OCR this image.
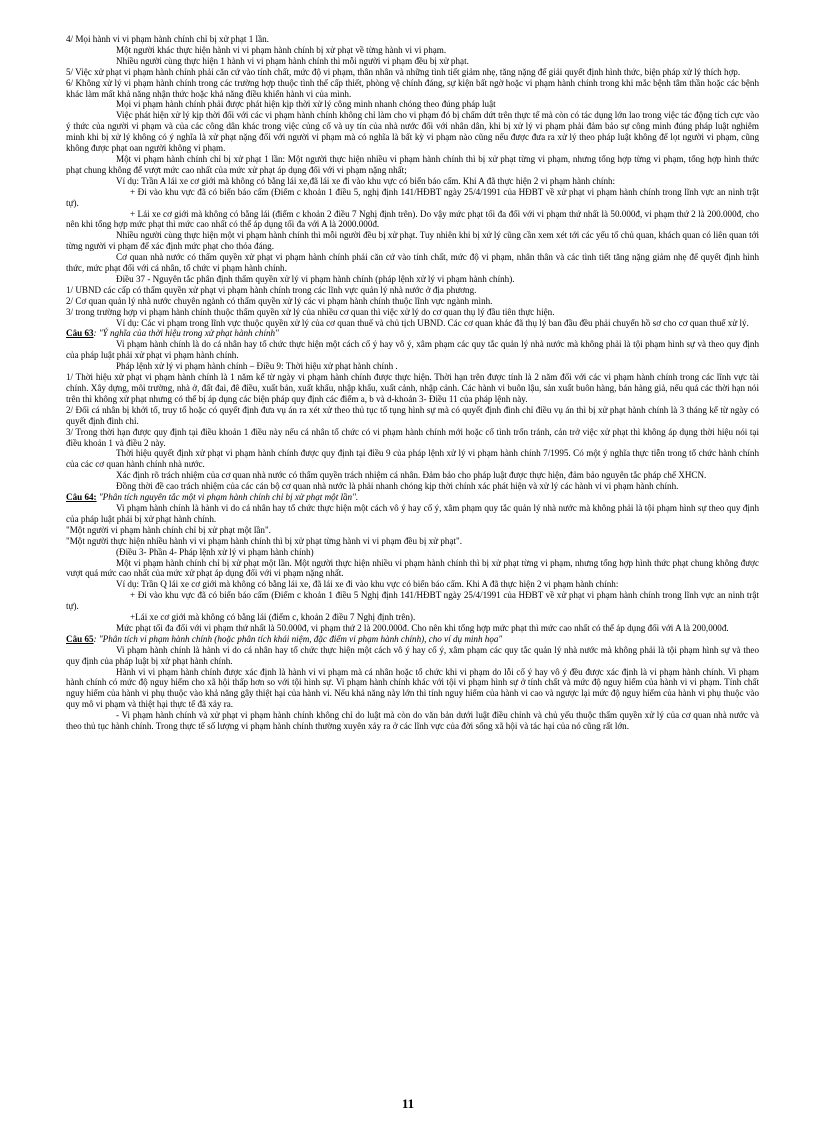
4/ Mọi hành vi vi phạm hành chính chỉ bị xử phạt 1 lần.

Một người khác thực hiện hành vi vi phạm hành chính bị xử phạt về từng hành vi vi phạm.

Nhiều người cùng thực hiện 1 hành vi vi phạm hành chính thì mỗi người vi phạm đều bị xử phạt.

5/ Việc xử phạt vi phạm hành chính phải căn cứ vào tính chất, mức độ vi phạm, thân nhân và những tình tiết giảm nhẹ, tăng nặng để giải quyết định hình thức, biện pháp xử lý thích hợp.

6/ Không xử lý vi phạm hành chính trong các trường hợp thuộc tình thế cấp thiết, phòng vệ chính đáng, sự kiện bất ngờ hoặc vi phạm hành chính trong khi mắc bệnh tâm thần hoặc các bệnh khác làm mất khả năng nhận thức hoặc khả năng điều khiển hành vi của mình.

Mọi vi phạm hành chính phải được phát hiện kịp thời xử lý công minh nhanh chóng theo đúng pháp luật

Việc phát hiện xử lý kịp thời đối với các vi phạm hành chính không chỉ làm cho vi phạm đó bị chấm dứt trên thực tế mà còn có tác dụng lớn lao trong việc tác động tích cực vào ý thức của người vi phạm và của các công dân khác trong việc củng cố và uy tín của nhà nước đối với nhân dân, khi bị xử lý vi phạm phải đảm bảo sự công minh đúng pháp luật nghiêm minh khi bị xử lý không có ý nghĩa là xử phạt nặng đối với người vi phạm mà có nghĩa là bất kỳ vi phạm nào cũng nếu được đưa ra xử lý theo pháp luật không để lọt người vi phạm, cũng không được phạt oan người không vi phạm.

Một vi phạm hành chính chỉ bị xử phạt 1 lần: Một người thực hiện nhiều vi phạm hành chính thì bị xử phạt từng vi phạm, nhưng tổng hợp từng vi phạm, tổng hợp hình thức phạt chung không để vượt mức cao nhất của mức xử phạt áp dụng đối với vi phạm nặng nhất;

Ví dụ: Trần A lái xe cơ giới mà không có bằng lái xe,đã lái xe đi vào khu vực có biển báo cấm. Khi A đã thực hiện 2 vi phạm hành chính:

+ Đi vào khu vực đã có biển báo cấm (Điểm c khoản 1 điều 5, nghị định 141/HĐBT ngày 25/4/1991 của HĐBT về xử phạt vi phạm hành chính trong lĩnh vực an ninh trật tự).

+ Lái xe cơ giới mà không có bằng lái (điểm c khoản 2 điều 7 Nghị định trên). Do vậy mức phạt tối đa đối với vi phạm thứ nhất là 50.000đ, vi phạm thứ 2 là 200.000đ, cho nên khi tổng hợp mức phạt thì mức cao nhất có thể áp dụng tối đa với A là 2000.000đ.

Nhiều người cùng thực hiện một vi phạm hành chính thì mỗi người đều bị xử phạt. Tuy nhiên khi bị xử lý cũng cần xem xét tới các yếu tố chủ quan, khách quan có liên quan tới từng người vi phạm để xác định mức phạt cho thỏa đáng.

Cơ quan nhà nước có thẩm quyền xử phạt vi phạm hành chính phải căn cứ vào tính chất, mức độ vi phạm, nhân thân và các tình tiết tăng nặng giảm nhẹ để quyết định hình thức, mức phạt đối với cá nhân, tổ chức vi phạm hành chính.

Điều 37 - Nguyên tắc phân định thẩm quyền xử lý vi phạm hành chính (pháp lệnh xử lý vi phạm hành chính).

1/ UBND các cấp có thẩm quyền xử phạt vi phạm hành chính trong các lĩnh vực quản lý nhà nước ở địa phương.

2/ Cơ quan quản lý nhà nước chuyên ngành có thẩm quyền xử lý các vi phạm hành chính thuộc lĩnh vực ngành mình.

3/ trong trường hợp vi phạm hành chính thuộc thẩm quyền xử lý của nhiều cơ quan thì việc xử lý do cơ quan thụ lý đầu tiên thực hiện.

Ví dụ: Các vi phạm trong lĩnh vực thuộc quyền xử lý của cơ quan thuế và chủ tịch UBND. Các cơ quan khác đã thụ lý ban đầu đều phải chuyển hồ sơ cho cơ quan thuế xử lý.

Câu 63: "Ý nghĩa của thời hiệu trong xử phạt hành chính"

Vi phạm hành chính là do cá nhân hay tổ chức thực hiện một cách cố ý hay vô ý, xâm phạm các quy tắc quản lý nhà nước mà không phải là tội phạm hình sự và theo quy định của pháp luật phải xử phạt vi phạm hành chính.

Pháp lệnh xử lý vi phạm hành chính – Điều 9: Thời hiệu xử phạt hành chính .

1/ Thời hiệu xử phạt vi phạm hành chính là 1 năm kể từ ngày vi phạm hành chính được thực hiện. Thời hạn trên được tính là 2 năm đối với các vi phạm hành chính trong các lĩnh vực tài chính. Xây dựng, môi trường, nhà ở, đất đai, đê điều, xuất bản, xuất khẩu, nhập khẩu, xuất cảnh, nhập cảnh. Các hành vi buôn lậu, sản xuất buôn hàng, bán hàng giả, nếu quá các thời hạn nói trên thì không xử phạt nhưng có thể bị áp dụng các biện pháp quy định các điểm a, b và d-khoản 3- Điều 11 của pháp lệnh này.

2/ Đối cá nhân bị khởi tố, truy tố hoặc có quyết định đưa vụ án ra xét xử theo thủ tục tố tụng hình sự mà có quyết định đình chỉ điều vụ án thì bị xử phạt hành chính là 3 tháng kể từ ngày có quyết định đình chỉ.

3/ Trong thời hạn được quy định tại điều khoản 1 điều này nếu cá nhân tổ chức có vi phạm hành chính mới hoặc cố tình trốn tránh, cản trở việc xử phạt thì không áp dụng thời hiệu nói tại điều khoản 1 và điều 2 này.

Thời hiệu quyết định xử phạt vi phạm hành chính được quy định tại điều 9 của pháp lệnh xử lý vi phạm hành chính 7/1995. Có một ý nghĩa thực tiễn trong tổ chức hành chính của các cơ quan hành chính nhà nước.

Xác định rõ trách nhiệm của cơ quan nhà nước có thẩm quyền trách nhiệm cá nhân. Đảm bảo cho pháp luật được thực hiện, đảm bảo nguyên tắc pháp chế XHCN.

Đồng thời đề cao trách nhiệm của các cán bộ cơ quan nhà nước là phải nhanh chóng kịp thời chính xác phát hiện và xử lý các hành vi vi phạm hành chính.

Câu 64: "Phân tích nguyên tắc một vi phạm hành chính chỉ bị xử phạt một lần".

Vi phạm hành chính là hành vi do cá nhân hay tổ chức thực hiện một cách vô ý hay cố ý, xâm phạm quy tắc quản lý nhà nước mà không phải là tội phạm hình sự theo quy định của pháp luật phải bị xử phạt hành chính.

"Một người vi phạm hành chính chỉ bị xử phạt một lần".

"Một người thực hiện nhiều hành vi vi phạm hành chính thì bị xử phạt từng hành vi vi phạm đều bị xử phạt".

(Điều 3- Phần 4- Pháp lệnh xử lý vi phạm hành chính)

Một vi phạm hành chính chỉ bị xử phạt một lần. Một người thực hiện nhiều vi phạm hành chính thì bị xử phạt từng vi phạm, nhưng tổng hợp hình thức phạt chung không được vượt quá mức cao nhất của mức xử phạt áp dụng đối với vi phạm nặng nhất.

Ví dụ: Trần Q lái xe cơ giới mà không có bằng lái xe, đã lái xe đi vào khu vực có biển báo cấm. Khi A đã thực hiện 2 vi phạm hành chính:

+ Đi vào khu vực đã có biển báo cấm (Điểm c khoản 1 điều 5 Nghị định 141/HĐBT ngày 25/4/1991 của HĐBT về xử phạt vi phạm hành chính trong lĩnh vực an ninh trật tự).

+Lái xe cơ giới mà không có bằng lái (điểm c, khoản 2 điều 7 Nghị định trên).

Mức phạt tối đa đối với vi phạm thứ nhất là 50.000đ, vi phạm thứ 2 là 200.000đ. Cho nên khi tổng hợp mức phạt thì mức cao nhất có thể áp dụng đối với A là 200,000đ.

Câu 65: "Phân tích vi phạm hành chính (hoặc phân tích khái niệm, đặc điểm vi phạm hành chính), cho ví dụ minh họa"

Vi phạm hành chính là hành vi do cá nhân hay tổ chức thực hiện một cách vô ý hay cố ý, xâm phạm các quy tắc quản lý nhà nước mà không phải là tội phạm hình sự và theo quy định của pháp luật bị xử phạt hành chính.

Hành vi vi phạm hành chính được xác định là hành vi vi phạm mà cá nhân hoặc tổ chức khi vi phạm do lỗi cố ý hay vô ý đều được xác định là vi phạm hành chính. Vi phạm hành chính có mức độ nguy hiểm cho xã hội thấp hơn so với tội hình sự. Vi phạm hành chính khác với tội vi phạm hình sự ở tính chất và mức độ nguy hiểm của hành vi vi phạm. Tính chất nguy hiểm của hành vi phụ thuộc vào khả năng gây thiệt hại của hành vi. Nếu khả năng này lớn thì tính nguy hiểm của hành vi cao và ngược lại mức độ nguy hiểm của hành vi phụ thuộc vào quy mô vi phạm và thiệt hại thực tế đã xảy ra.

- Vi phạm hành chính và xử phạt vi phạm hành chính không chỉ do luật mà còn do văn bản dưới luật điều chỉnh và chủ yếu thuộc thẩm quyền xử lý của cơ quan nhà nước và theo thủ tục hành chính. Trong thực tế số lượng vi phạm hành chính thường xuyên xảy ra ở các lĩnh vực của đời sống xã hội và tác hại của nó cũng rất lớn.

11
